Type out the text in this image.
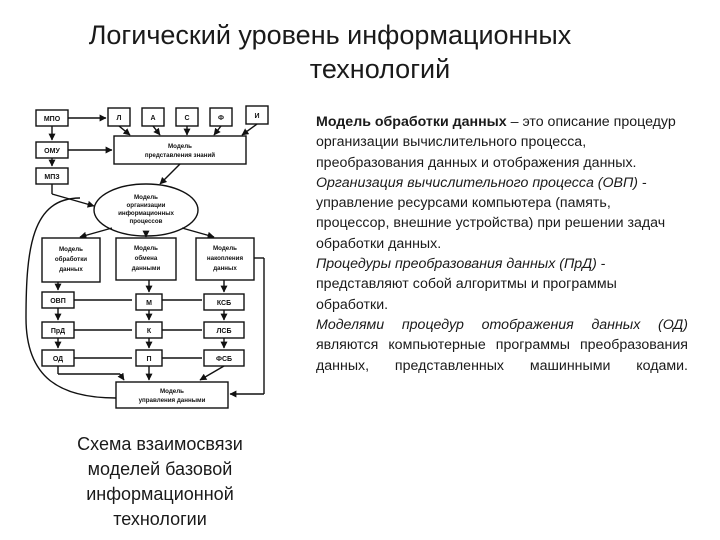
Логический уровень информационных
технологий
МПО	Л	А	С	Ф	И
ОМУ
МПЗ
Модель
представления знаний
Модель
организации
информационных
процессов
Модель
обработки
данных
Модель
обмена
данными
Модель
накопления
данных
ОВП
ПрД
ОД
М
К
П
КСБ
ЛСБ
ФСБ
Модель
управления данными
Схема взаимосвязи
моделей базовой
информационной
технологии

Модель обработки данных – это описание процедур организации вычислительного процесса, преобразования данных и отображения данных.

Организация вычислительного процесса (ОВП) - управление ресурсами компьютера (память, процессор, внешние устройства) при решении задач обработки данных.

Процедуры преобразования данных (ПрД) - представляют собой алгоритмы и программы обработки.

Моделями процедур отображения данных (ОД) являются компьютерные программы преобразования данных, представленных машинными кодами.
